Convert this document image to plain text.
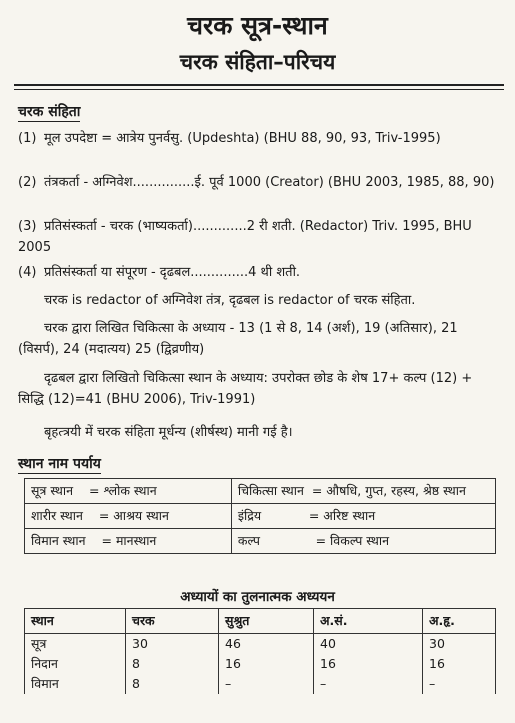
चरक सूत्र-स्थान
चरक संहिता–परिचय
चरक संहिता
(1) मूल उपदेष्टा = आत्रेय पुनर्वसु. (Updeshta) (BHU 88, 90, 93, Triv-1995)
(2) तंत्रकर्ता - अग्निवेश...............ई. पूर्व 1000 (Creator) (BHU 2003, 1985, 88, 90)
(3) प्रतिसंस्कर्ता - चरक (भाष्यकर्ता).............2 री शती. (Redactor) Triv. 1995, BHU 2005
(4) प्रतिसंस्कर्ता या संपूरण - दृढबल..............4 थी शती.
चरक is redactor of अग्निवेश तंत्र, दृढबल is redactor of चरक संहिता.
चरक द्वारा लिखित चिकित्सा के अध्याय - 13 (1 से 8, 14 (अर्श), 19 (अतिसार), 21 (विसर्प), 24 (मदात्यय) 25 (द्विव्रणीय)
दृढबल द्वारा लिखितो चिकित्सा स्थान के अध्याय: उपरोक्त छोड के शेष 17+ कल्प (12) + सिद्धि (12)=41 (BHU 2006), Triv-1991)
बृहत्त्रयी में चरक संहिता मूर्धन्य (शीर्षस्थ) मानी गई है।
स्थान नाम पर्याय
सूत्र स्थान = श्लोक स्थान	चिकित्सा स्थान = औषधि, गुप्त, रहस्य, श्रेष्ठ स्थान
शारीर स्थान = आश्रय स्थान	इंद्रिय = अरिष्ट स्थान
विमान स्थान = मानस्थान	कल्प = विकल्प स्थान
अध्यायों का तुलनात्मक अध्ययन
स्थान	चरक	सुश्रुत	अ.सं.	अ.हृ.
सूत्र	30	46	40	30
निदान	8	16	16	16
विमान	8	–	–	–
